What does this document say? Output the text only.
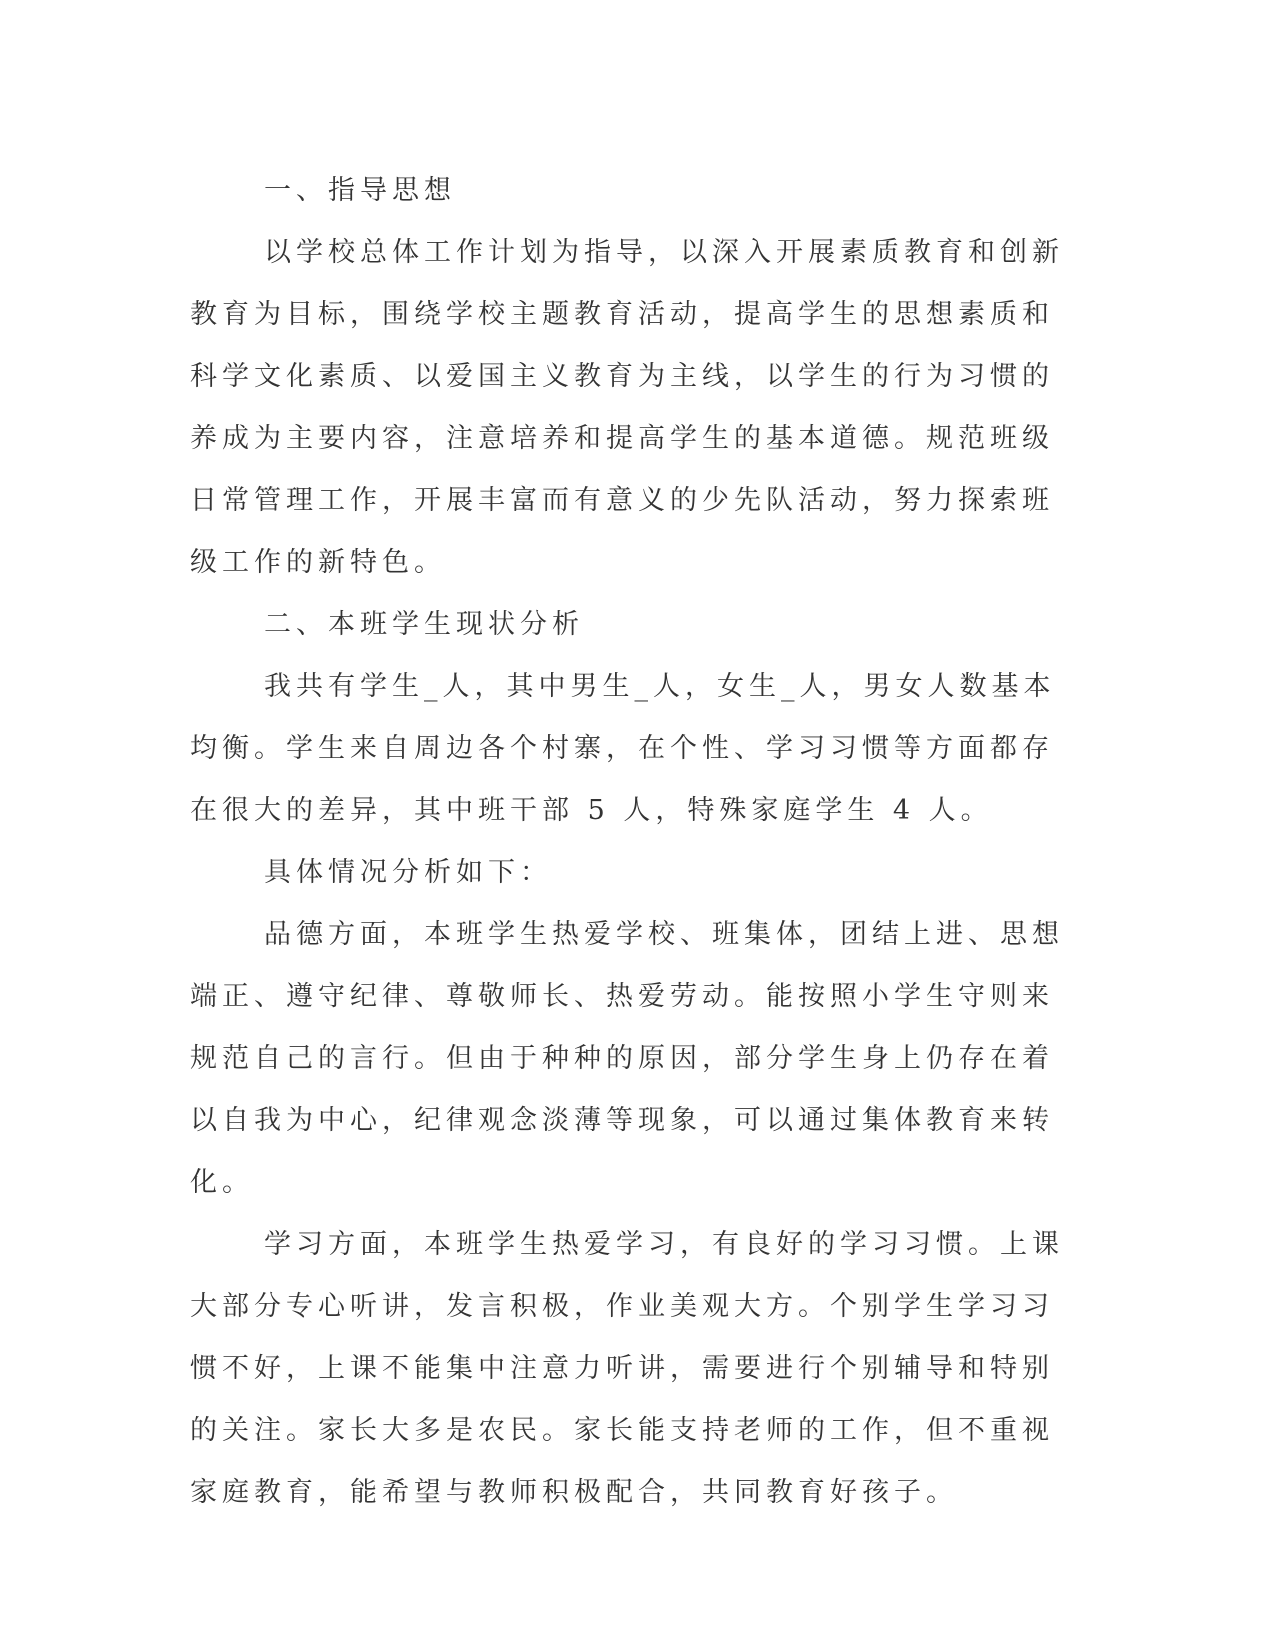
一、指导思想

以学校总体工作计划为指导，以深入开展素质教育和创新教育为目标，围绕学校主题教育活动，提高学生的思想素质和科学文化素质、以爱国主义教育为主线，以学生的行为习惯的养成为主要内容，注意培养和提高学生的基本道德。规范班级日常管理工作，开展丰富而有意义的少先队活动，努力探索班级工作的新特色。

二、本班学生现状分析

我共有学生_人，其中男生_人，女生_人，男女人数基本均衡。学生来自周边各个村寨，在个性、学习习惯等方面都存在很大的差异，其中班干部 5 人，特殊家庭学生 4 人。

具体情况分析如下：

品德方面，本班学生热爱学校、班集体，团结上进、思想端正、遵守纪律、尊敬师长、热爱劳动。能按照小学生守则来规范自己的言行。但由于种种的原因，部分学生身上仍存在着以自我为中心，纪律观念淡薄等现象，可以通过集体教育来转化。

学习方面，本班学生热爱学习，有良好的学习习惯。上课大部分专心听讲，发言积极，作业美观大方。个别学生学习习惯不好，上课不能集中注意力听讲，需要进行个别辅导和特别的关注。家长大多是农民。家长能支持老师的工作，但不重视家庭教育，能希望与教师积极配合，共同教育好孩子。
